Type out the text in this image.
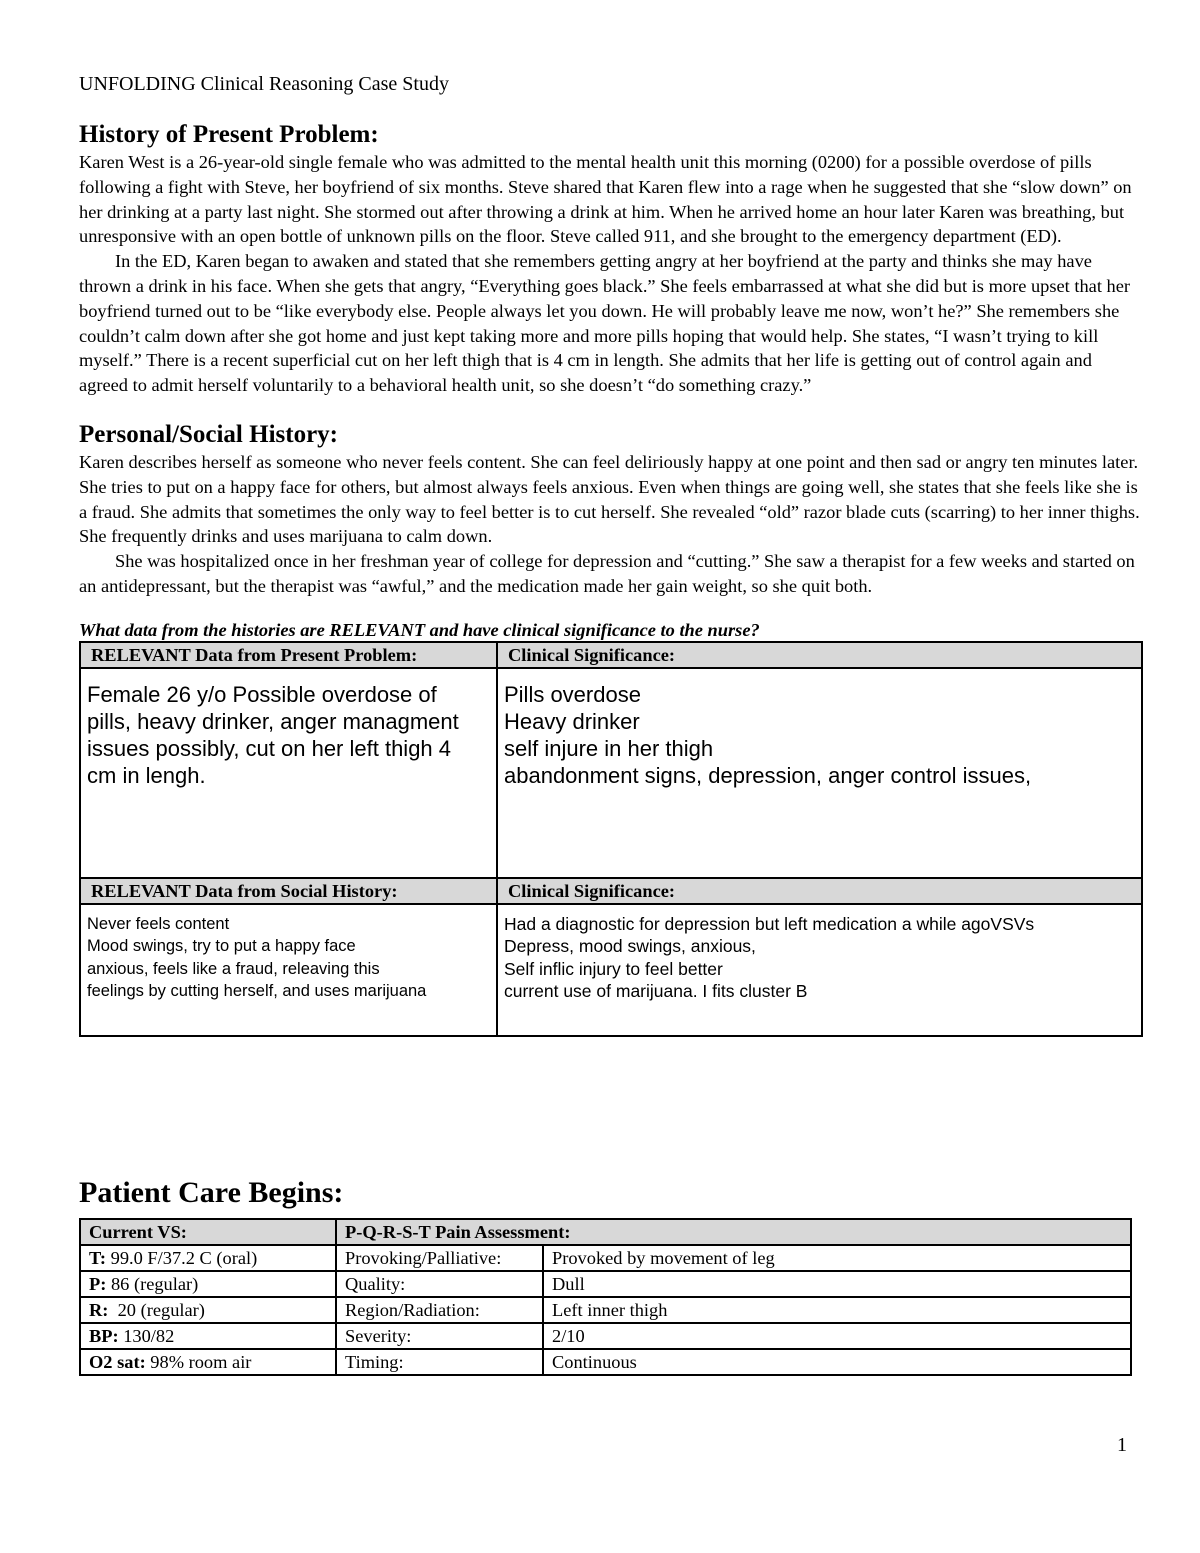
UNFOLDING Clinical Reasoning Case Study
History of Present Problem:

Karen West is a 26-year-old single female who was admitted to the mental health unit this morning (0200) for a possible overdose of pills following a fight with Steve, her boyfriend of six months. Steve shared that Karen flew into a rage when he suggested that she “slow down” on her drinking at a party last night. She stormed out after throwing a drink at him. When he arrived home an hour later Karen was breathing, but unresponsive with an open bottle of unknown pills on the floor. Steve called 911, and she brought to the emergency department (ED).

In the ED, Karen began to awaken and stated that she remembers getting angry at her boyfriend at the party and thinks she may have thrown a drink in his face. When she gets that angry, “Everything goes black.” She feels embarrassed at what she did but is more upset that her boyfriend turned out to be “like everybody else. People always let you down. He will probably leave me now, won’t he?” She remembers she couldn’t calm down after she got home and just kept taking more and more pills hoping that would help. She states, “I wasn’t trying to kill myself.” There is a recent superficial cut on her left thigh that is 4 cm in length. She admits that her life is getting out of control again and agreed to admit herself voluntarily to a behavioral health unit, so she doesn’t “do something crazy.”

Personal/Social History:

Karen describes herself as someone who never feels content. She can feel deliriously happy at one point and then sad or angry ten minutes later. She tries to put on a happy face for others, but almost always feels anxious. Even when things are going well, she states that she feels like she is a fraud. She admits that sometimes the only way to feel better is to cut herself. She revealed “old” razor blade cuts (scarring) to her inner thighs. She frequently drinks and uses marijuana to calm down.

She was hospitalized once in her freshman year of college for depression and “cutting.” She saw a therapist for a few weeks and started on an antidepressant, but the therapist was “awful,” and the medication made her gain weight, so she quit both.

What data from the histories are RELEVANT and have clinical significance to the nurse?
RELEVANT Data from Present Problem:	Clinical Significance:

Female 26 y/o Possible overdose of
pills, heavy drinker, anger managment
issues possibly, cut on her left thigh 4
cm in lengh.	Pills overdose
Heavy drinker
self injure in her thigh
abandonment signs, depression, anger control issues,

RELEVANT Data from Social History:	Clinical Significance:

Never feels content
Mood swings, try to put a happy face
anxious, feels like a fraud, releaving this
feelings by cutting herself, and uses marijuana	Had a diagnostic for depression but left medication a while agoVSVs
Depress, mood swings, anxious,
Self inflic injury to feel better
current use of marijuana. I fits cluster B
Patient Care Begins:
Current VS:	P-Q-R-S-T Pain Assessment:	
T: 99.0 F/37.2 C (oral)	Provoking/Palliative:	Provoked by movement of leg
P: 86 (regular)	Quality:	Dull
R:  20 (regular)	Region/Radiation:	Left inner thigh
BP: 130/82	Severity:	2/10
O2 sat: 98% room air	Timing:	Continuous
1
